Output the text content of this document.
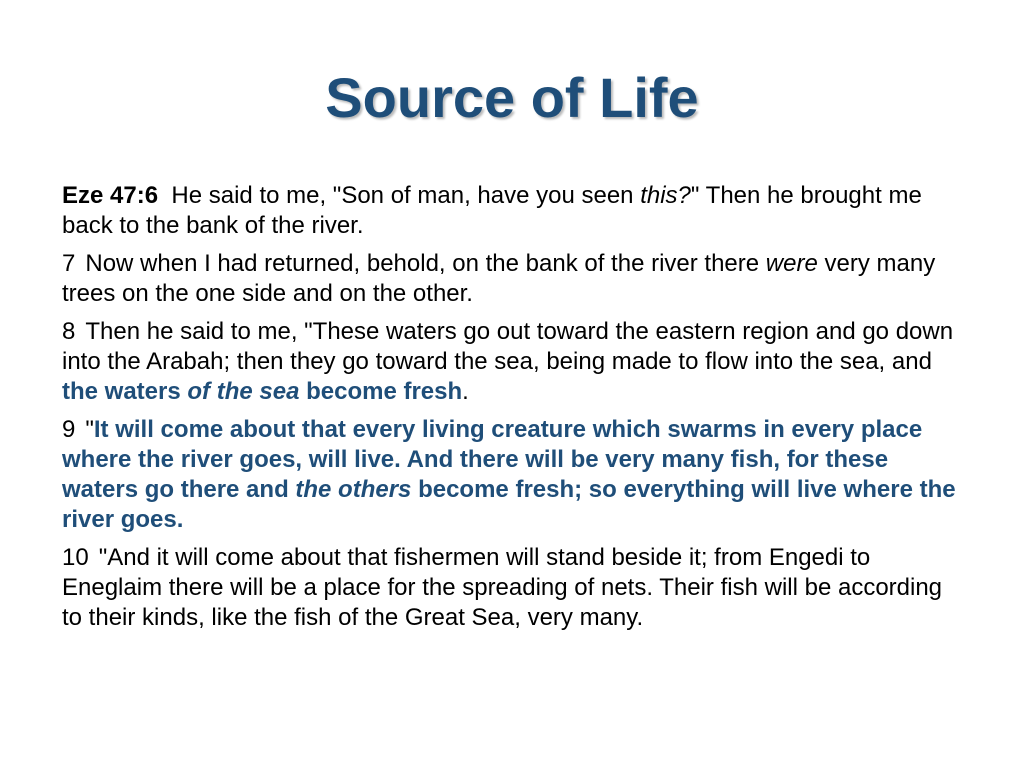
Source of Life

Eze 47:6 He said to me, "Son of man, have you seen this?" Then he brought me back to the bank of the river.

7 Now when I had returned, behold, on the bank of the river there were very many trees on the one side and on the other.

8 Then he said to me, "These waters go out toward the eastern region and go down into the Arabah; then they go toward the sea, being made to flow into the sea, and the waters of the sea become fresh.

9 "It will come about that every living creature which swarms in every place where the river goes, will live. And there will be very many fish, for these waters go there and the others become fresh; so everything will live where the river goes.

10 "And it will come about that fishermen will stand beside it; from Engedi to Eneglaim there will be a place for the spreading of nets. Their fish will be according to their kinds, like the fish of the Great Sea, very many.
